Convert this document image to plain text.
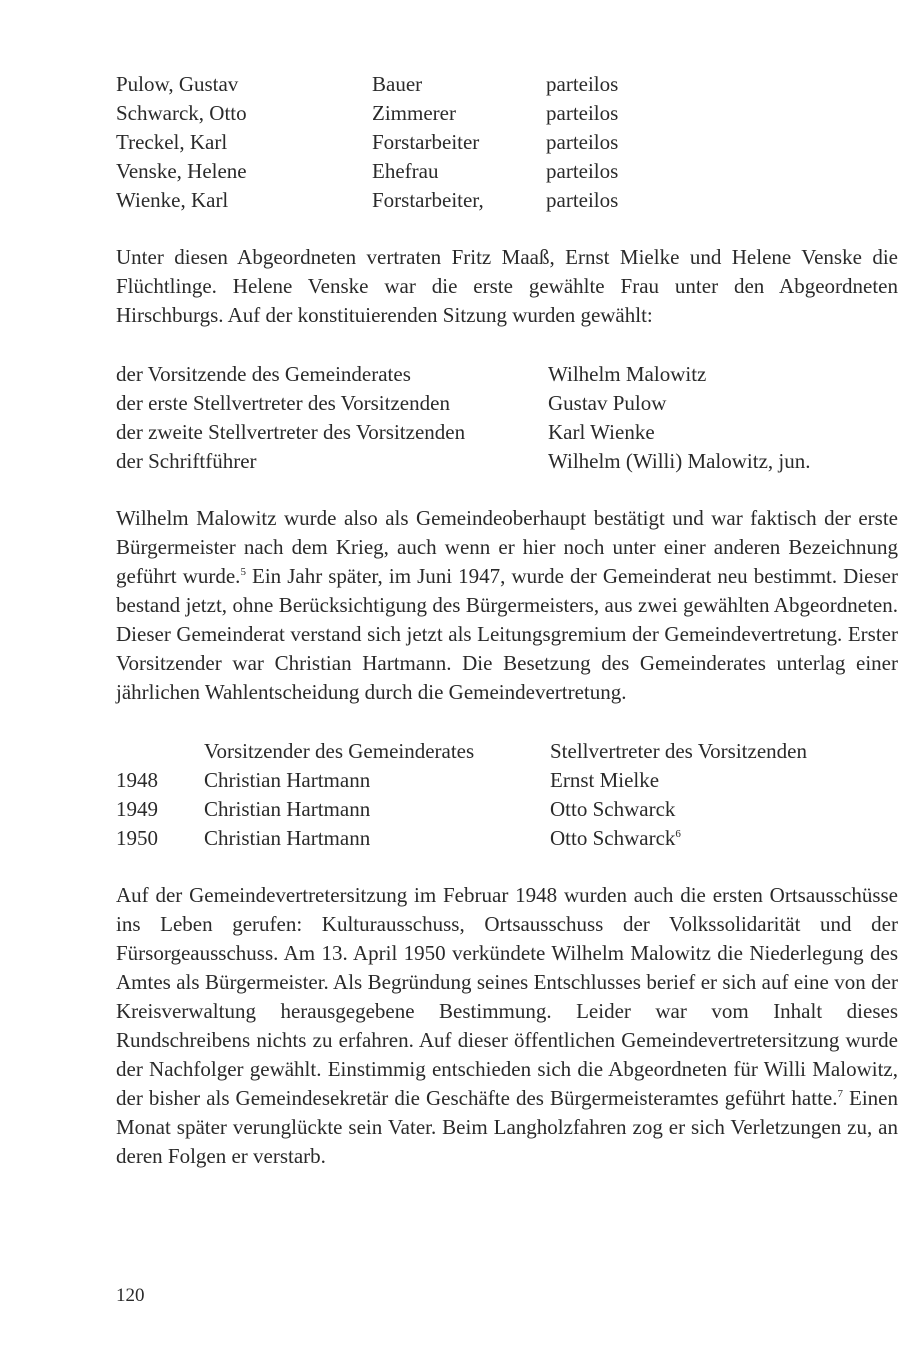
Pulow, Gustav	Bauer	parteilos
Schwarck, Otto	Zimmerer	parteilos
Treckel, Karl	Forstarbeiter	parteilos
Venske, Helene	Ehefrau	parteilos
Wienke, Karl	Forstarbeiter,	parteilos

Unter diesen Abgeordneten vertraten Fritz Maaß, Ernst Mielke und Helene Venske die Flüchtlinge. Helene Venske war die erste gewählte Frau unter den Abgeordneten Hirschburgs. Auf der konstituierenden Sitzung wurden gewählt:

der Vorsitzende des Gemeinderates	Wilhelm Malowitz
der erste Stellvertreter des Vorsitzenden	Gustav Pulow
der zweite Stellvertreter des Vorsitzenden	Karl Wienke
der Schriftführer	Wilhelm (Willi) Malowitz, jun.

Wilhelm Malowitz wurde also als Gemeindeoberhaupt bestätigt und war faktisch der erste Bürgermeister nach dem Krieg, auch wenn er hier noch unter einer anderen Bezeichnung geführt wurde.$^5$ Ein Jahr später, im Juni 1947, wurde der Gemeinderat neu bestimmt. Dieser bestand jetzt, ohne Berücksichtigung des Bürgermeisters, aus zwei gewählten Abgeordneten. Dieser Gemeinderat verstand sich jetzt als Leitungsgremium der Gemeindevertretung. Erster Vorsitzender war Christian Hartmann. Die Besetzung des Gemeinderates unterlag einer jährlichen Wahlentscheidung durch die Gemeindevertretung.

	Vorsitzender des Gemeinderates	Stellvertreter des Vorsitzenden
1948	Christian Hartmann	Ernst Mielke
1949	Christian Hartmann	Otto Schwarck
1950	Christian Hartmann	Otto Schwarck$^6$

Auf der Gemeindevertretersitzung im Februar 1948 wurden auch die ersten Ortsausschüsse ins Leben gerufen: Kulturausschuss, Ortsausschuss der Volkssolidarität und der Fürsorgeausschuss. Am 13. April 1950 verkündete Wilhelm Malowitz die Niederlegung des Amtes als Bürgermeister. Als Begründung seines Entschlusses berief er sich auf eine von der Kreisverwaltung herausgegebene Bestimmung. Leider war vom Inhalt dieses Rundschreibens nichts zu erfahren. Auf dieser öffentlichen Gemeindevertretersitzung wurde der Nachfolger gewählt. Einstimmig entschieden sich die Abgeordneten für Willi Malowitz, der bisher als Gemeindesekretär die Geschäfte des Bürgermeisteramtes geführt hatte.$^7$ Einen Monat später verunglückte sein Vater. Beim Langholzfahren zog er sich Verletzungen zu, an deren Folgen er verstarb.

120
